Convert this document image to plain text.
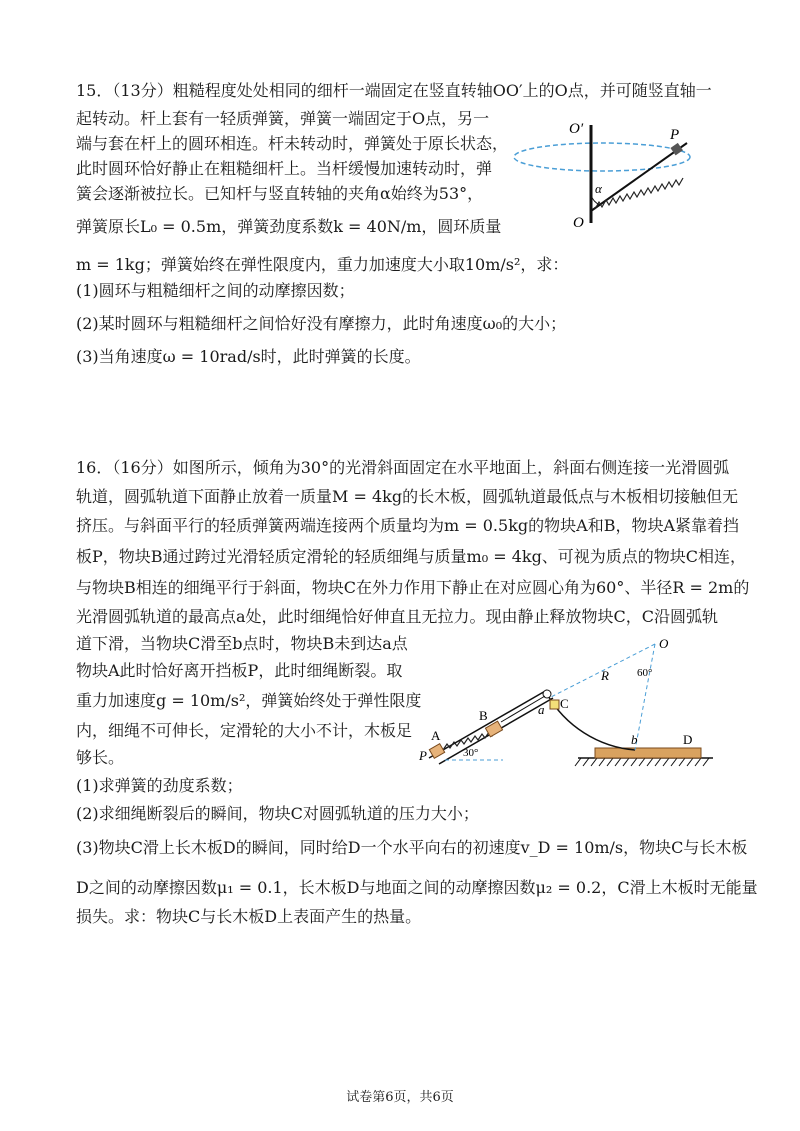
15．（13分）粗糙程度处处相同的细杆一端固定在竖直转轴OO′上的O点，并可随竖直轴一
起转动。杆上套有一轻质弹簧，弹簧一端固定于O点，另一
端与套在杆上的圆环相连。杆未转动时，弹簧处于原长状态，
此时圆环恰好静止在粗糙细杆上。当杆缓慢加速转动时，弹
簧会逐渐被拉长。已知杆与竖直转轴的夹角α始终为53°，
弹簧原长L₀ = 0.5m，弹簧劲度系数k = 40N/m，圆环质量
m = 1kg；弹簧始终在弹性限度内，重力加速度大小取10m/s²，求：
(1)圆环与粗糙细杆之间的动摩擦因数；
(2)某时圆环与粗糙细杆之间恰好没有摩擦力，此时角速度ω₀的大小；
(3)当角速度ω = 10rad/s时，此时弹簧的长度。
O′
O
P
α
16．（16分）如图所示，倾角为30°的光滑斜面固定在水平地面上，斜面右侧连接一光滑圆弧
轨道，圆弧轨道下面静止放着一质量M = 4kg的长木板，圆弧轨道最低点与木板相切接触但无
挤压。与斜面平行的轻质弹簧两端连接两个质量均为m = 0.5kg的物块A和B，物块A紧靠着挡
板P，物块B通过跨过光滑轻质定滑轮的轻质细绳与质量m₀ = 4kg、可视为质点的物块C相连，
与物块B相连的细绳平行于斜面，物块C在外力作用下静止在对应圆心角为60°、半径R = 2m的
光滑圆弧轨道的最高点a处，此时细绳恰好伸直且无拉力。现由静止释放物块C，C沿圆弧轨
道下滑，当物块C滑至b点时，物块B未到达a点
物块A此时恰好离开挡板P，此时细绳断裂。取
重力加速度g = 10m/s²，弹簧始终处于弹性限度
内，细绳不可伸长，定滑轮的大小不计，木板足
够长。
(1)求弹簧的劲度系数；
(2)求细绳断裂后的瞬间，物块C对圆弧轨道的压力大小；
(3)物块C滑上长木板D的瞬间，同时给D一个水平向右的初速度v_D = 10m/s，物块C与长木板
D之间的动摩擦因数μ₁ = 0.1，长木板D与地面之间的动摩擦因数μ₂ = 0.2，C滑上木板时无能量
损失。求：物块C与长木板D上表面产生的热量。
O
R	60°
A
B
C
a
b	D
P	30°
试卷第6页，共6页
